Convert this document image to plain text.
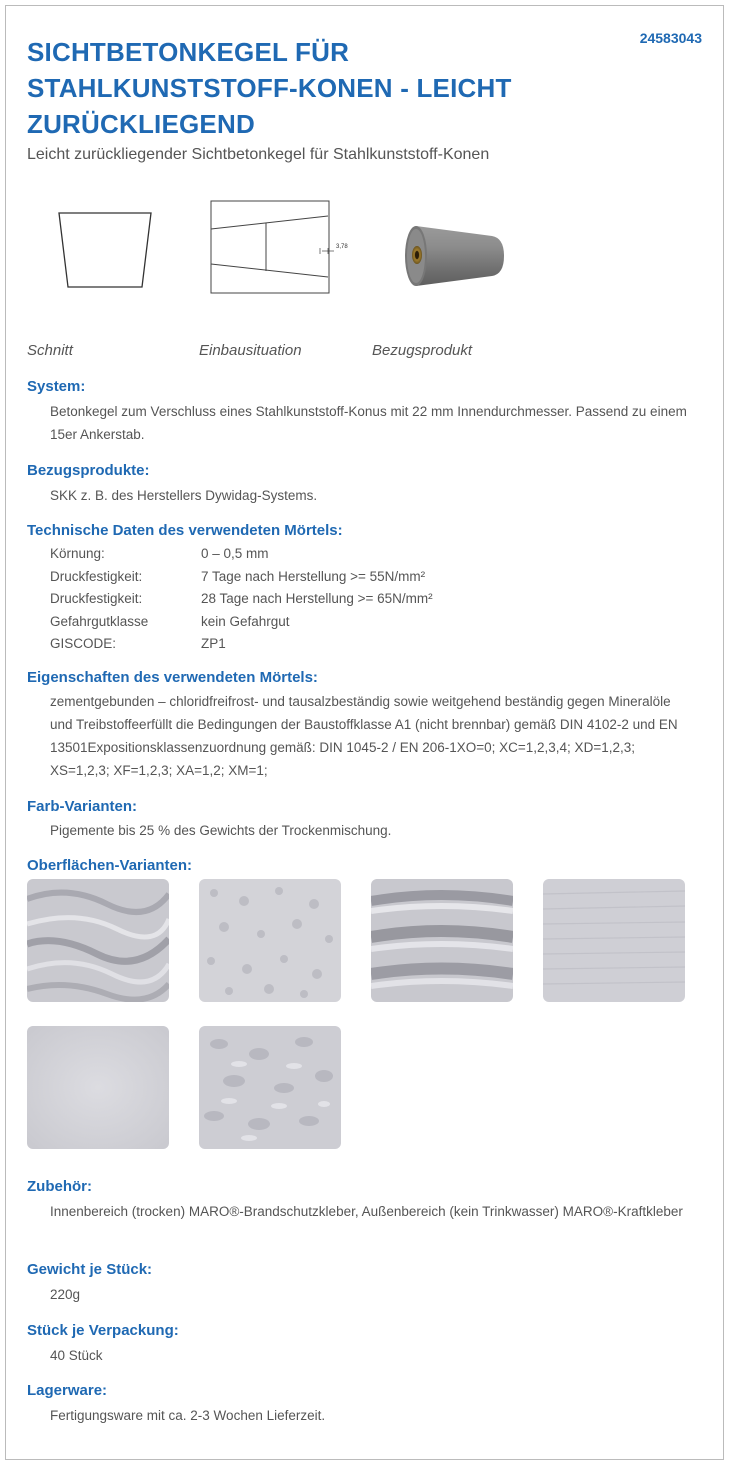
24583043
SICHTBETONKEGEL FÜR STAHLKUNSTSTOFF-KONEN - LEICHT ZURÜCKLIEGEND
Leicht zurückliegender Sichtbetonkegel für Stahlkunststoff-Konen
Schnitt
3,78
Einbausituation	Bezugsprodukt
System:
Betonkegel zum Verschluss eines Stahlkunststoff-Konus mit 22 mm Innendurchmesser. Passend zu einem 15er Ankerstab.
Bezugsprodukte:
SKK z. B. des Herstellers Dywidag-Systems.
Technische Daten des verwendeten Mörtels:
Körnung:	0 – 0,5 mm
Druckfestigkeit:	7 Tage nach Herstellung >= 55N/mm²
Druckfestigkeit:	28 Tage nach Herstellung >= 65N/mm²
Gefahrgutklasse	kein Gefahrgut
GISCODE:	ZP1
Eigenschaften des verwendeten Mörtels:
zementgebunden – chloridfreifrost- und tausalzbeständig sowie weitgehend beständig gegen Mineralöle und Treibstoffeerfüllt die Bedingungen der Baustoffklasse A1 (nicht brennbar) gemäß DIN 4102-2 und EN 13501Expositionsklassenzuordnung gemäß: DIN 1045-2 / EN 206-1XO=0; XC=1,2,3,4; XD=1,2,3; XS=1,2,3; XF=1,2,3; XA=1,2; XM=1;
Farb-Varianten:
Pigemente bis 25 % des Gewichts der Trockenmischung.
Oberflächen-Varianten:
Zubehör:
Innenbereich (trocken) MARO®-Brandschutzkleber, Außenbereich (kein Trinkwasser) MARO®-Kraftkleber
Gewicht je Stück:
220g
Stück je Verpackung:
40 Stück
Lagerware:
Fertigungsware mit ca. 2-3 Wochen Lieferzeit.
